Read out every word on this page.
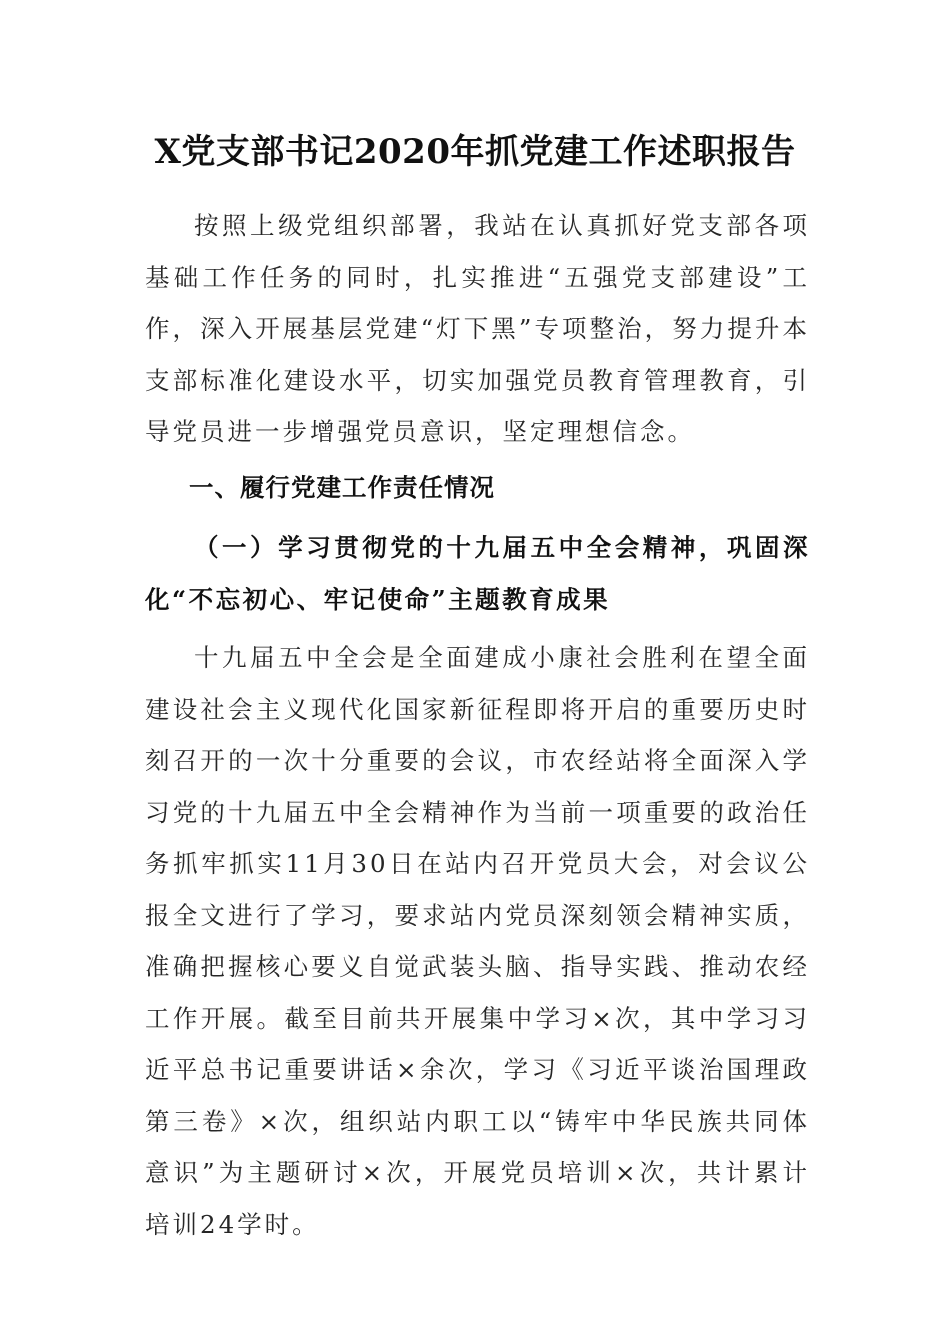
X党支部书记2020年抓党建工作述职报告
按照上级党组织部署，我站在认真抓好党支部各项基础工作任务的同时，扎实推进“五强党支部建设”工作，深入开展基层党建“灯下黑”专项整治，努力提升本支部标准化建设水平，切实加强党员教育管理教育，引导党员进一步增强党员意识，坚定理想信念。
一、履行党建工作责任情况
（一）学习贯彻党的十九届五中全会精神，巩固深化“不忘初心、牢记使命”主题教育成果
十九届五中全会是全面建成小康社会胜利在望全面建设社会主义现代化国家新征程即将开启的重要历史时刻召开的一次十分重要的会议，市农经站将全面深入学习党的十九届五中全会精神作为当前一项重要的政治任务抓牢抓实11月30日在站内召开党员大会，对会议公报全文进行了学习，要求站内党员深刻领会精神实质，准确把握核心要义自觉武装头脑、指导实践、推动农经工作开展。截至目前共开展集中学习×次，其中学习习近平总书记重要讲话×余次，学习《习近平谈治国理政第三卷》×次，组织站内职工以“铸牢中华民族共同体意识”为主题研讨×次，开展党员培训×次，共计累计培训24学时。
